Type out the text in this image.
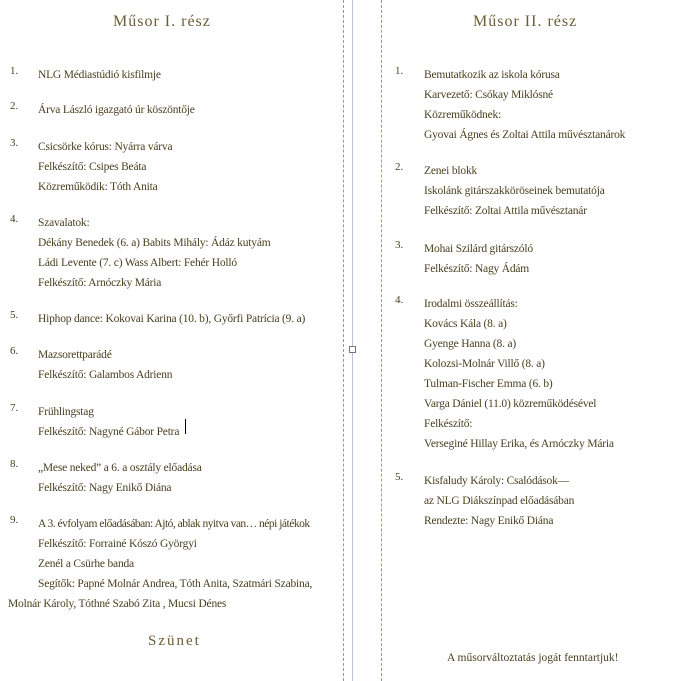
Műsor I. rész
1. NLG Médiastúdió kisfilmje
2. Árva László igazgató úr köszöntője
3. Csicsörke kórus: Nyárra várva
Felkészítő: Csipes Beáta
Közreműködik: Tóth Anita
4. Szavalatok:
Dékány Benedek (6. a) Babits Mihály: Ádáz kutyám
Ládi Levente (7. c) Wass Albert: Fehér Holló
Felkészítő: Arnóczky Mária
5. Hiphop dance: Kokovai Karina (10. b), Győrfi Patrícia (9. a)
6. Mazsorettparádé
Felkészítő: Galambos Adrienn
7. Frühlingstag
Felkészítő: Nagyné Gábor Petra
8. „Mese neked” a 6. a osztály előadása
Felkészítő: Nagy Enikő Diána
9. A 3. évfolyam előadásában: Ajtó, ablak nyitva van… népi játékok
Felkészítő: Forrainé Kószó Györgyi
Zenél a Csürhe banda
Segítők: Papné Molnár Andrea, Tóth Anita, Szatmári Szabina,
Molnár Károly, Tóthné Szabó Zita , Mucsi Dénes
Szünet
Műsor II. rész
1. Bemutatkozik az iskola kórusa
Karvezető: Csókay Miklósné
Közreműködnek:
Gyovai Ágnes és Zoltai Attila művésztanárok
2. Zenei blokk
Iskolánk gitárszakköröseinek bemutatója
Felkészítő: Zoltai Attila művésztanár
3. Mohai Szilárd gitárszóló
Felkészítő: Nagy Ádám
4. Irodalmi összeállítás:
Kovács Kála (8. a)
Gyenge Hanna (8. a)
Kolozsi-Molnár Villő (8. a)
Tulman-Fischer Emma (6. b)
Varga Dániel (11.0) közreműködésével
Felkészítő:
Verseginé Hillay Erika, és Arnóczky Mária
5. Kisfaludy Károly: Csalódások—
az NLG Diákszínpad előadásában
Rendezte: Nagy Enikő Diána
A műsorváltoztatás jogát fenntartjuk!
